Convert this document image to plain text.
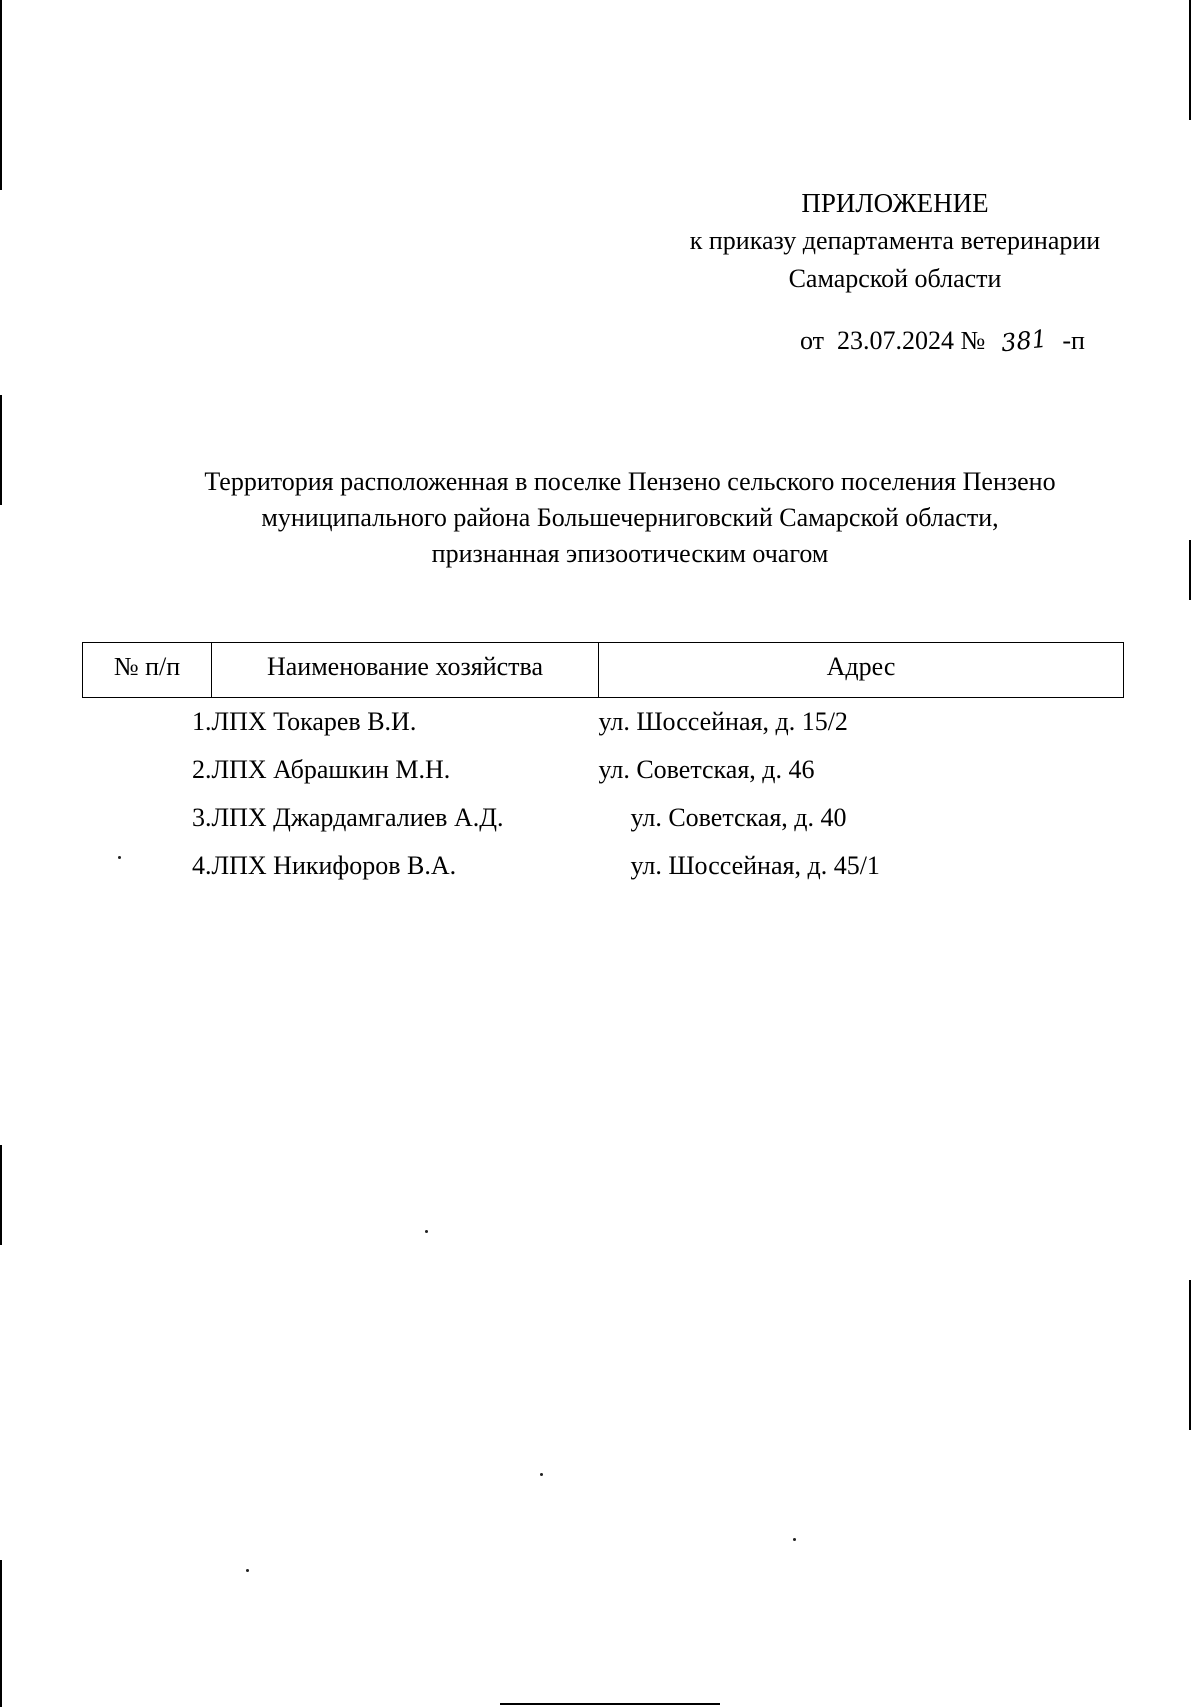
ПРИЛОЖЕНИЕ
к приказу департамента ветеринарии
Самарской области
от 23.07.2024 № 381 -п
Территория расположенная в поселке Пензено сельского поселения Пензено
муниципального района Большечерниговский Самарской области,
признанная эпизоотическим очагом
№ п/п	Наименование хозяйства	Адрес
1.	ЛПХ Токарев В.И.	ул. Шоссейная, д. 15/2
2.	ЛПХ Абрашкин М.Н.	ул. Советская, д. 46
3.	ЛПХ Джардамгалиев А.Д.	ул. Советская, д. 40
4.	ЛПХ Никифоров В.А.	ул. Шоссейная, д. 45/1
